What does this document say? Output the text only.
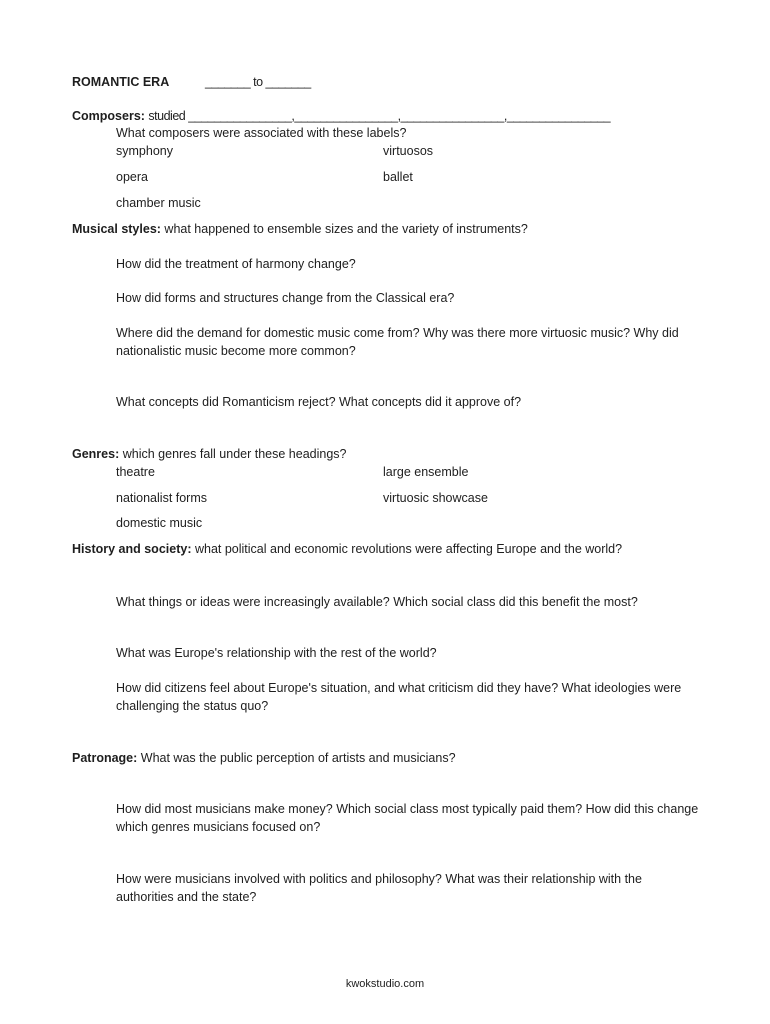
ROMANTIC ERA	_______ to _______
Composers: studied ________________,________________,________________,________________
What composers were associated with these labels?
symphony	virtuosos
opera	ballet
chamber music
Musical styles: what happened to ensemble sizes and the variety of instruments?
How did the treatment of harmony change?
How did forms and structures change from the Classical era?
Where did the demand for domestic music come from? Why was there more virtuosic music? Why did
nationalistic music become more common?
What concepts did Romanticism reject? What concepts did it approve of?
Genres: which genres fall under these headings?
theatre	large ensemble
nationalist forms	virtuosic showcase
domestic music
History and society: what political and economic revolutions were affecting Europe and the world?
What things or ideas were increasingly available? Which social class did this benefit the most?
What was Europe's relationship with the rest of the world?
How did citizens feel about Europe's situation, and what criticism did they have? What ideologies were
challenging the status quo?
Patronage: What was the public perception of artists and musicians?
How did most musicians make money? Which social class most typically paid them? How did this change
which genres musicians focused on?
How were musicians involved with politics and philosophy? What was their relationship with the
authorities and the state?
kwokstudio.com
